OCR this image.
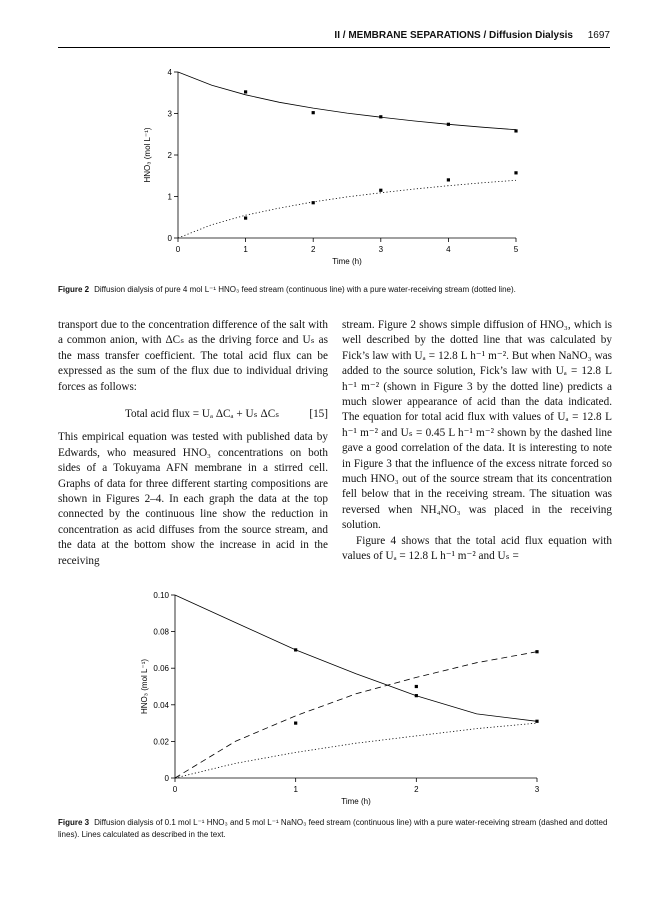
II / MEMBRANE SEPARATIONS / Diffusion Dialysis 1697
0	1	2	3	4	5
0
1
2
3
4
Time (h)
HNO₃ (mol L⁻¹)
Figure 2 Diffusion dialysis of pure 4 mol L⁻¹ HNO₃ feed stream (continuous line) with a pure water-receiving stream (dotted line).

transport due to the concentration difference of the salt with a common anion, with ΔCₛ as the driving force and Uₛ as the mass transfer coefficient. The total acid flux can be expressed as the sum of the flux due to individual driving forces as follows:

Total acid flux = Uₐ ΔCₐ + Uₛ ΔCₛ	[15]

This empirical equation was tested with published data by Edwards, who measured HNO₃ concentrations on both sides of a Tokuyama AFN membrane in a stirred cell. Graphs of data for three different starting compositions are shown in Figures 2–4. In each graph the data at the top connected by the continuous line show the reduction in concentration as acid diffuses from the source stream, and the data at the bottom show the increase in acid in the receiving

stream. Figure 2 shows simple diffusion of HNO₃, which is well described by the dotted line that was calculated by Fick’s law with Uₐ = 12.8 L h⁻¹ m⁻². But when NaNO₃ was added to the source solution, Fick’s law with Uₐ = 12.8 L h⁻¹ m⁻² (shown in Figure 3 by the dotted line) predicts a much slower appearance of acid than the data indicated. The equation for total acid flux with values of Uₐ = 12.8 L h⁻¹ m⁻² and Uₛ = 0.45 L h⁻¹ m⁻² shown by the dashed line gave a good correlation of the data. It is interesting to note in Figure 3 that the influence of the excess nitrate forced so much HNO₃ out of the source stream that its concentration fell below that in the receiving stream. The situation was reversed when NH₄NO₃ was placed in the receiving solution.

Figure 4 shows that the total acid flux equation with values of Uₐ = 12.8 L h⁻¹ m⁻² and Uₛ =

0	1	2	3
0
0.02
0.04
0.06
0.08
0.10
Time (h)
HNO₃ (mol L⁻¹)
Figure 3 Diffusion dialysis of 0.1 mol L⁻¹ HNO₃ and 5 mol L⁻¹ NaNO₃ feed stream (continuous line) with a pure water-receiving stream (dashed and dotted lines). Lines calculated as described in the text.
